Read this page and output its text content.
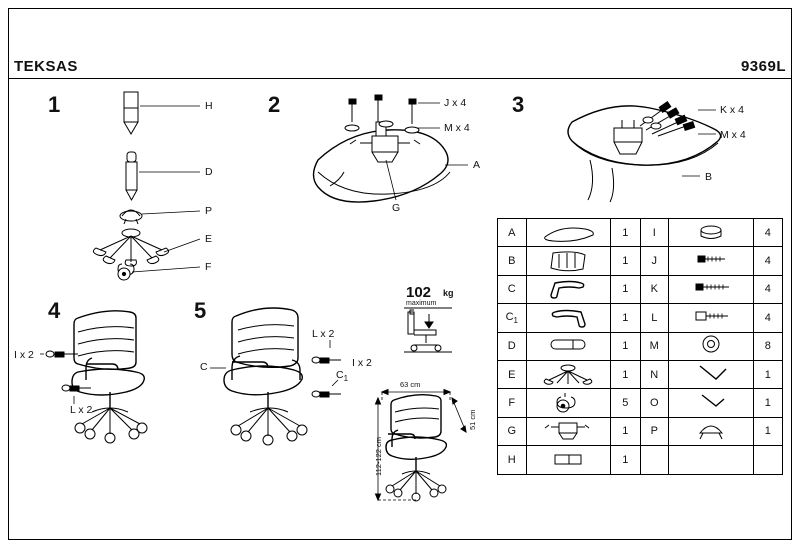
TEKSAS	9369L
1	H
D
P
E
F
2	J x 4
M x 4
A
G
3	K x 4
M x 4
B
4
I x 2
L x 2
5
L x 2
I x 2
C
$C_1$
102 kg
maximum
63 cm
51 cm
112-122 cm
A		1	I		4
B		1	J		4
C		1	K		4
$C_1$		1	L		4
D		1	M		8
E		1	N		1
F		5	O		1
G		1	P		1
H		1			
